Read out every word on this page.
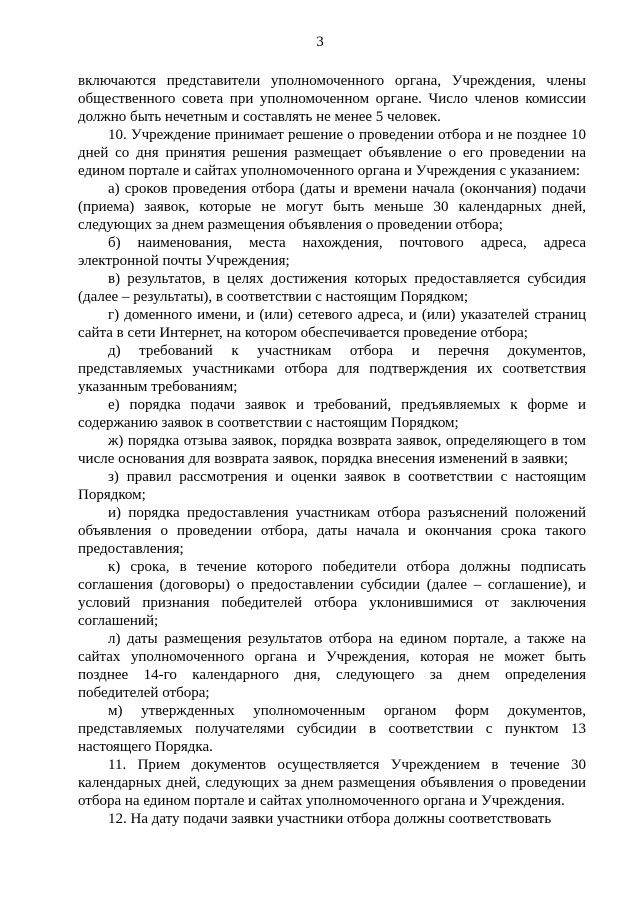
3

включаются представители уполномоченного органа, Учреждения, члены общественного совета при уполномоченном органе. Число членов комиссии должно быть нечетным и составлять не менее 5 человек.

10. Учреждение принимает решение о проведении отбора и не позднее 10 дней со дня принятия решения размещает объявление о его проведении на едином портале и сайтах уполномоченного органа и Учреждения с указанием:

а) сроков проведения отбора (даты и времени начала (окончания) подачи (приема) заявок, которые не могут быть меньше 30 календарных дней, следующих за днем размещения объявления о проведении отбора;

б) наименования, места нахождения, почтового адреса, адреса электронной почты Учреждения;

в) результатов, в целях достижения которых предоставляется субсидия (далее – результаты), в соответствии с настоящим Порядком;

г) доменного имени, и (или) сетевого адреса, и (или) указателей страниц сайта в сети Интернет, на котором обеспечивается проведение отбора;

д) требований к участникам отбора и перечня документов, представляемых участниками отбора для подтверждения их соответствия указанным требованиям;

е) порядка подачи заявок и требований, предъявляемых к форме и содержанию заявок в соответствии с настоящим Порядком;

ж) порядка отзыва заявок, порядка возврата заявок, определяющего в том числе основания для возврата заявок, порядка внесения изменений в заявки;

з) правил рассмотрения и оценки заявок в соответствии с настоящим Порядком;

и) порядка предоставления участникам отбора разъяснений положений объявления о проведении отбора, даты начала и окончания срока такого предоставления;

к) срока, в течение которого победители отбора должны подписать соглашения (договоры) о предоставлении субсидии (далее – соглашение), и условий признания победителей отбора уклонившимися от заключения соглашений;

л) даты размещения результатов отбора на едином портале, а также на сайтах уполномоченного органа и Учреждения, которая не может быть позднее 14-го календарного дня, следующего за днем определения победителей отбора;

м) утвержденных уполномоченным органом форм документов, представляемых получателями субсидии в соответствии с пунктом 13 настоящего Порядка.

11. Прием документов осуществляется Учреждением в течение 30 календарных дней, следующих за днем размещения объявления о проведении отбора на едином портале и сайтах уполномоченного органа и Учреждения.

12. На дату подачи заявки участники отбора должны соответствовать
